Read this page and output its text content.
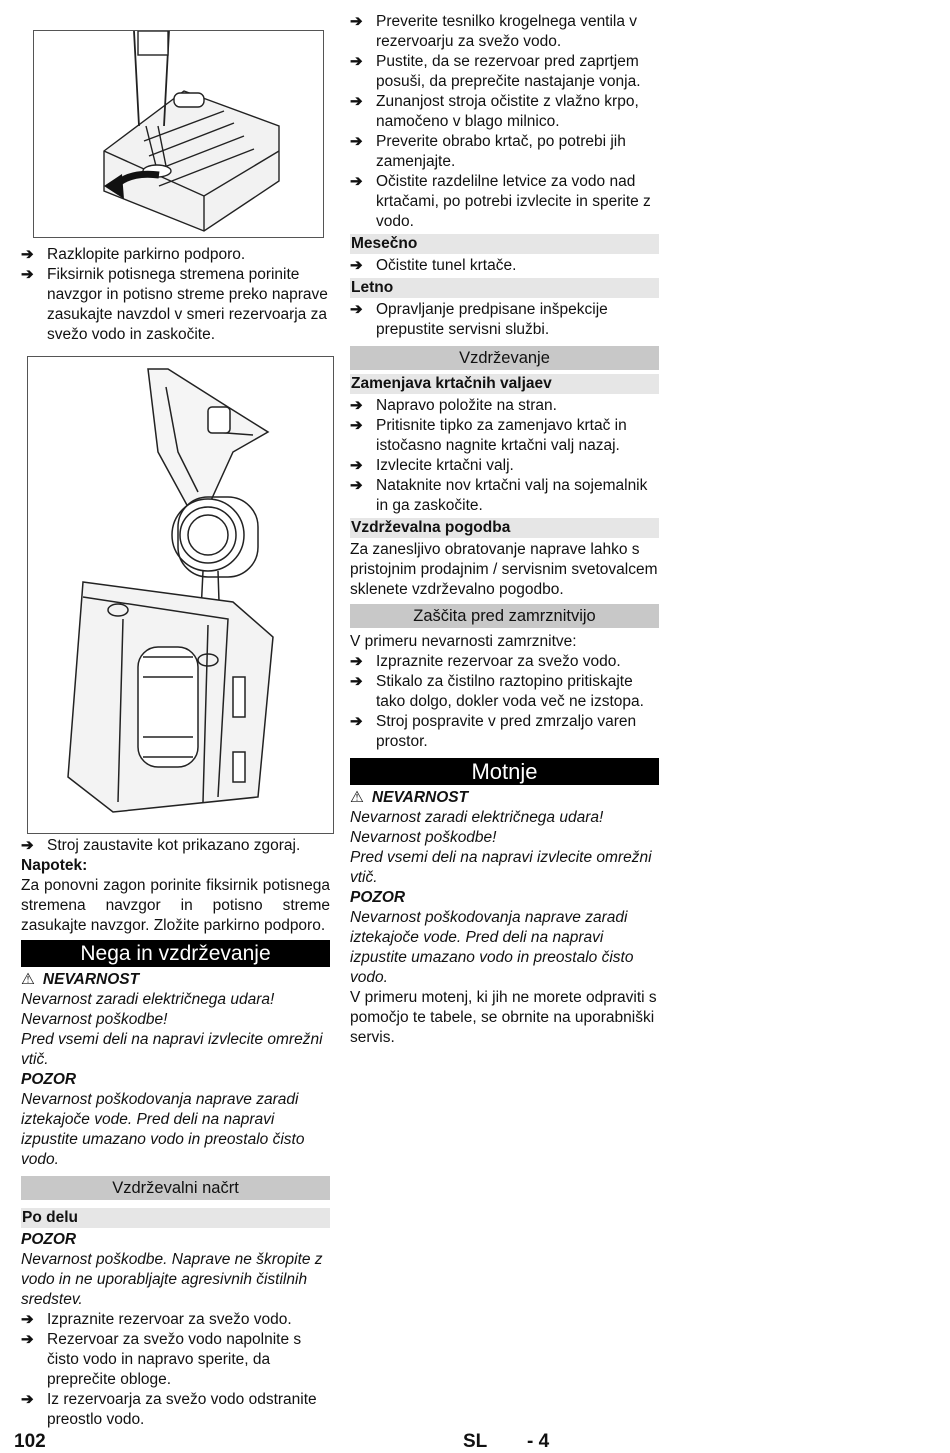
➔ Razklopite parkirno podporo.
➔ Fiksirnik potisnega stremena porinite navzgor in potisno streme preko naprave zasukajte navzdol v smeri rezervoarja za svežo vodo in zaskočite.
➔ Stroj zaustavite kot prikazano zgoraj.
Napotek:
Za ponovni zagon porinite fiksirnik potisnega stremena navzgor in potisno streme zasukajte navzgor. Zložite parkirno podporo.
Nega in vzdrževanje
⚠ NEVARNOST
Nevarnost zaradi električnega udara!
Nevarnost poškodbe!
Pred vsemi deli na napravi izvlecite omrežni vtič.
POZOR
Nevarnost poškodovanja naprave zaradi iztekajoče vode. Pred deli na napravi izpustite umazano vodo in preostalo čisto vodo.
Vzdrževalni načrt
Po delu
POZOR
Nevarnost poškodbe. Naprave ne škropite z vodo in ne uporabljajte agresivnih čistilnih sredstev.
➔ Izpraznite rezervoar za svežo vodo.
➔ Rezervoar za svežo vodo napolnite s čisto vodo in napravo sperite, da preprečite obloge.
➔ Iz rezervoarja za svežo vodo odstranite preostlo vodo.
➔ Preverite tesnilko krogelnega ventila v rezervoarju za svežo vodo.
➔ Pustite, da se rezervoar pred zaprtjem posuši, da preprečite nastajanje vonja.
➔ Zunanjost stroja očistite z vlažno krpo, namočeno v blago milnico.
➔ Preverite obrabo krtač, po potrebi jih zamenjajte.
➔ Očistite razdelilne letvice za vodo nad krtačami, po potrebi izvlecite in sperite z vodo.
Mesečno
➔ Očistite tunel krtače.
Letno
➔ Opravljanje predpisane inšpekcije prepustite servisni službi.
Vzdrževanje
Zamenjava krtačnih valjaev
➔ Napravo položite na stran.
➔ Pritisnite tipko za zamenjavo krtač in istočasno nagnite krtačni valj nazaj.
➔ Izvlecite krtačni valj.
➔ Nataknite nov krtačni valj na sojemalnik in ga zaskočite.
Vzdrževalna pogodba
Za zanesljivo obratovanje naprave lahko s pristojnim prodajnim / servisnim svetovalcem sklenete vzdrževalno pogodbo.
Zaščita pred zamrznitvijo
V primeru nevarnosti zamrznitve:
➔ Izpraznite rezervoar za svežo vodo.
➔ Stikalo za čistilno raztopino pritiskajte tako dolgo, dokler voda več ne izstopa.
➔ Stroj pospravite v pred zmrzaljo varen prostor.
Motnje
⚠ NEVARNOST
Nevarnost zaradi električnega udara!
Nevarnost poškodbe!
Pred vsemi deli na napravi izvlecite omrežni vtič.
POZOR
Nevarnost poškodovanja naprave zaradi iztekajoče vode. Pred deli na napravi izpustite umazano vodo in preostalo čisto vodo.
V primeru motenj, ki jih ne morete odpraviti s pomočjo te tabele, se obrnite na uporabniški servis.
102	SL - 4
